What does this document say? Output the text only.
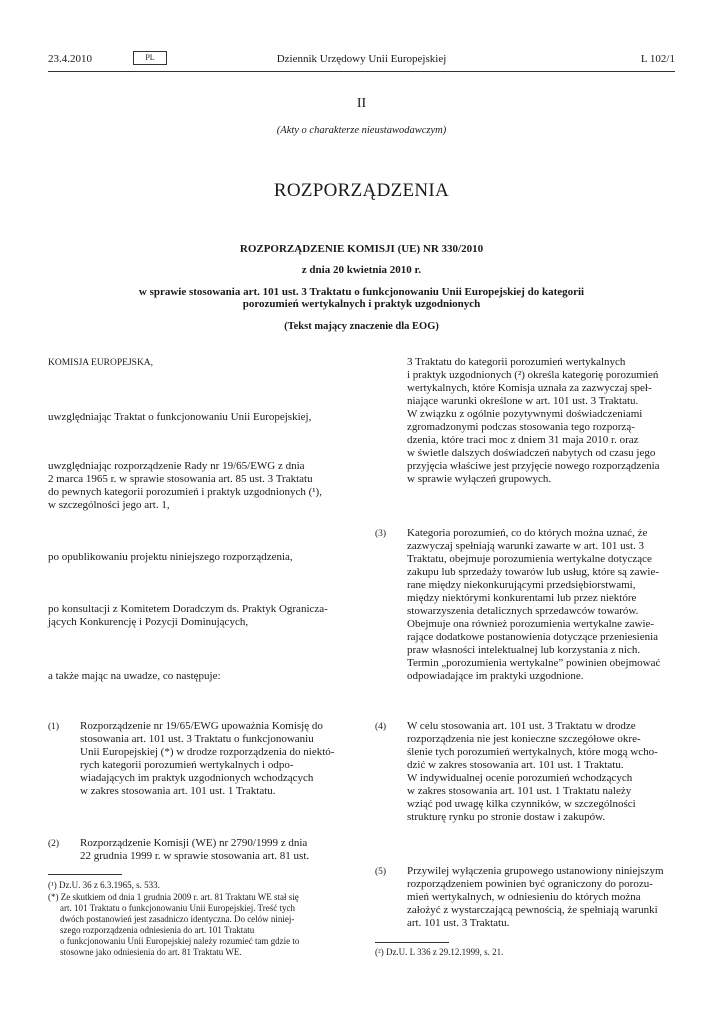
23.4.2010	PL	Dziennik Urzędowy Unii Europejskiej	L 102/1
II
(Akty o charakterze nieustawodawczym)
ROZPORZĄDZENIA
ROZPORZĄDZENIE KOMISJI (UE) NR 330/2010
z dnia 20 kwietnia 2010 r.
w sprawie stosowania art. 101 ust. 3 Traktatu o funkcjonowaniu Unii Europejskiej do kategorii
porozumień wertykalnych i praktyk uzgodnionych
(Tekst mający znaczenie dla EOG)
KOMISJA EUROPEJSKA,
uwzględniając Traktat o funkcjonowaniu Unii Europejskiej,
uwzględniając rozporządzenie Rady nr 19/65/EWG z dnia
2 marca 1965 r. w sprawie stosowania art. 85 ust. 3 Traktatu
do pewnych kategorii porozumień i praktyk uzgodnionych (¹),
w szczególności jego art. 1,
po opublikowaniu projektu niniejszego rozporządzenia,
po konsultacji z Komitetem Doradczym ds. Praktyk Ogranicza-
jących Konkurencję i Pozycji Dominujących,
a także mając na uwadze, co następuje:
(1) Rozporządzenie nr 19/65/EWG upoważnia Komisję do
stosowania art. 101 ust. 3 Traktatu o funkcjonowaniu
Unii Europejskiej (*) w drodze rozporządzenia do niektó-
rych kategorii porozumień wertykalnych i odpo-
wiadających im praktyk uzgodnionych wchodzących
w zakres stosowania art. 101 ust. 1 Traktatu.
(2) Rozporządzenie Komisji (WE) nr 2790/1999 z dnia
22 grudnia 1999 r. w sprawie stosowania art. 81 ust.
(¹) Dz.U. 36 z 6.3.1965, s. 533.
(*) Ze skutkiem od dnia 1 grudnia 2009 r. art. 81 Traktatu WE stał się
art. 101 Traktatu o funkcjonowaniu Unii Europejskiej. Treść tych
dwóch postanowień jest zasadniczo identyczna. Do celów niniej-
szego rozporządzenia odniesienia do art. 101 Traktatu
o funkcjonowaniu Unii Europejskiej należy rozumieć tam gdzie to
stosowne jako odniesienia do art. 81 Traktatu WE.
3 Traktatu do kategorii porozumień wertykalnych
i praktyk uzgodnionych (²) określa kategorię porozumień
wertykalnych, które Komisja uznała za zazwyczaj speł-
niające warunki określone w art. 101 ust. 3 Traktatu.
W związku z ogólnie pozytywnymi doświadczeniami
zgromadzonymi podczas stosowania tego rozporzą-
dzenia, które traci moc z dniem 31 maja 2010 r. oraz
w świetle dalszych doświadczeń nabytych od czasu jego
przyjęcia właściwe jest przyjęcie nowego rozporządzenia
w sprawie wyłączeń grupowych.
(3) Kategoria porozumień, co do których można uznać, że
zazwyczaj spełniają warunki zawarte w art. 101 ust. 3
Traktatu, obejmuje porozumienia wertykalne dotyczące
zakupu lub sprzedaży towarów lub usług, które są zawie-
rane między niekonkurującymi przedsiębiorstwami,
między niektórymi konkurentami lub przez niektóre
stowarzyszenia detalicznych sprzedawców towarów.
Obejmuje ona również porozumienia wertykalne zawie-
rające dodatkowe postanowienia dotyczące przeniesienia
praw własności intelektualnej lub korzystania z nich.
Termin „porozumienia wertykalne” powinien obejmować
odpowiadające im praktyki uzgodnione.
(4) W celu stosowania art. 101 ust. 3 Traktatu w drodze
rozporządzenia nie jest konieczne szczegółowe okre-
ślenie tych porozumień wertykalnych, które mogą wcho-
dzić w zakres stosowania art. 101 ust. 1 Traktatu.
W indywidualnej ocenie porozumień wchodzących
w zakres stosowania art. 101 ust. 1 Traktatu należy
wziąć pod uwagę kilka czynników, w szczególności
strukturę rynku po stronie dostaw i zakupów.
(5) Przywilej wyłączenia grupowego ustanowiony niniejszym
rozporządzeniem powinien być ograniczony do porozu-
mień wertykalnych, w odniesieniu do których można
założyć z wystarczającą pewnością, że spełniają warunki
art. 101 ust. 3 Traktatu.
(²) Dz.U. L 336 z 29.12.1999, s. 21.
